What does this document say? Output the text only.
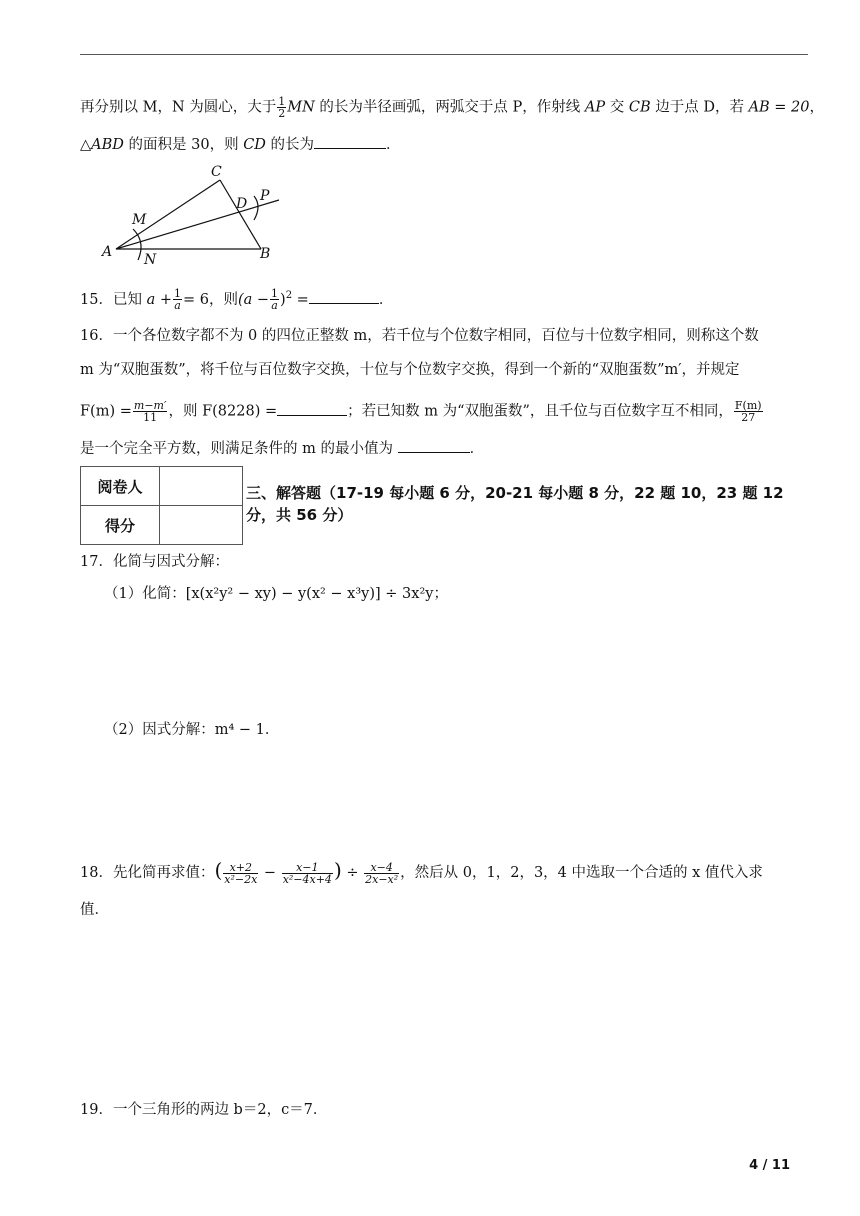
再分别以 M，N 为圆心，大于 $\frac{1}{2}$ MN 的长为半径画弧，两弧交于点 P，作射线 AP 交 CB 边于点 D，若 AB = 20，
△ABD 的面积是 30，则 CD 的长为	．
A	B
C
D P
M
N
15．已知 $a + \frac{1}{a} = 6$，则$(a - \frac{1}{a} )^2$ =	．
16．一个各位数字都不为 0 的四位正整数 m，若千位与个位数字相同，百位与十位数字相同，则称这个数
m 为“双胞蛋数”，将千位与百位数字交换，十位与个位数字交换，得到一个新的“双胞蛋数”m′，并规定
$F(m) = \frac{m-m'}{11}$ ，则 F(8228) =	；若已知数 m 为“双胞蛋数”，且千位与百位数字互不相同， $\frac{F(m)}{27}$
是一个完全平方数，则满足条件的 m 的最小值为	．
阅卷人	
得分	
三、解答题（17-19 每小题 6 分，20-21 每小题 8 分，22 题 10，23 题 12 分，共 56 分）
17．化简与因式分解：
（1）化简：[x(x²y² − xy) − y(x² − x³y)] ÷ 3x²y；
（2）因式分解：m⁴ − 1．
18．先化简再求值：( $\frac{x+2}{\text{x²−2x}} - \frac{x-1}{\text{x²−4x+4}}$ ) ÷ $\frac{x-4}{\text{2x−x²}}$ ，然后从 0，1，2，3，4 中选取一个合适的 x 值代入求
值．
19．一个三角形的两边 b＝2，c＝7．
4 / 11
